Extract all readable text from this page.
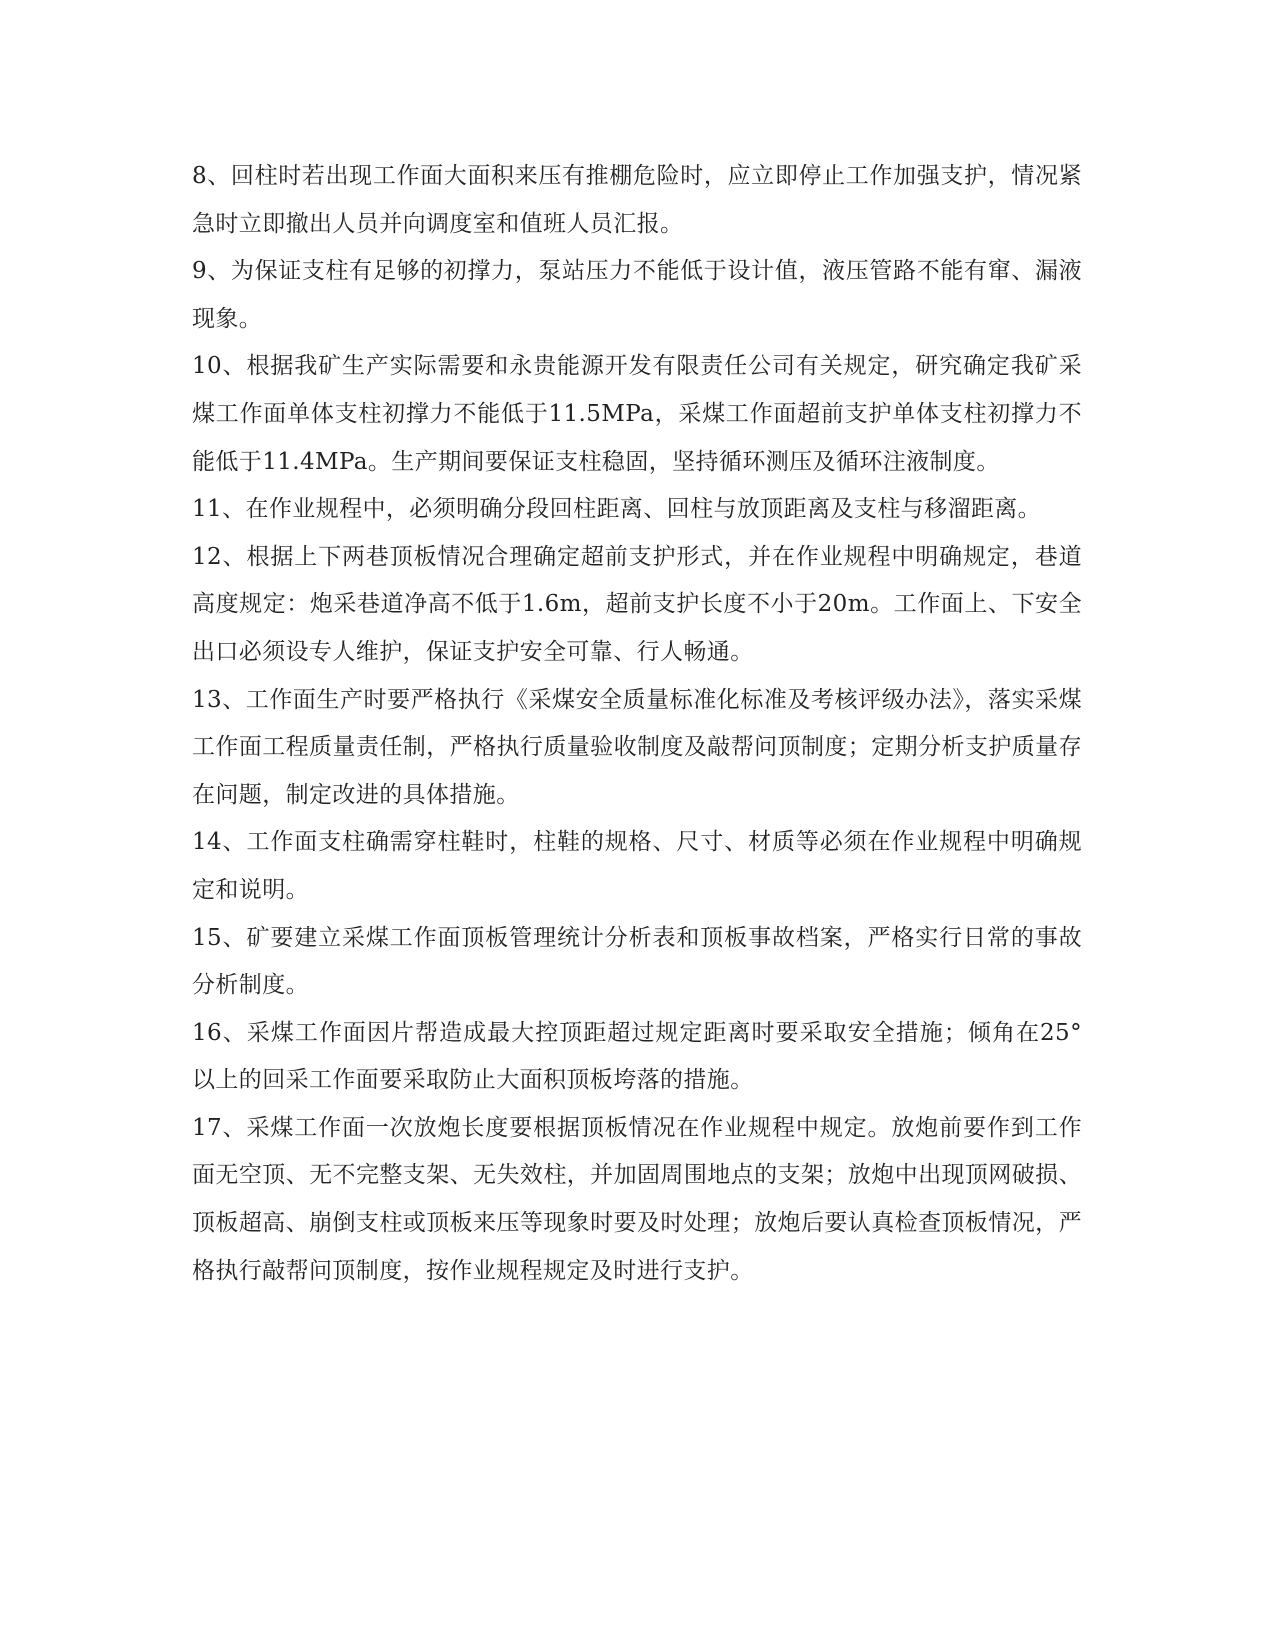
8、回柱时若出现工作面大面积来压有推棚危险时，应立即停止工作加强支护，情况紧急时立即撤出人员并向调度室和值班人员汇报。

9、为保证支柱有足够的初撑力，泵站压力不能低于设计值，液压管路不能有窜、漏液现象。

10、根据我矿生产实际需要和永贵能源开发有限责任公司有关规定，研究确定我矿采煤工作面单体支柱初撑力不能低于11.5MPa，采煤工作面超前支护单体支柱初撑力不能低于11.4MPa。生产期间要保证支柱稳固，坚持循环测压及循环注液制度。

11、在作业规程中，必须明确分段回柱距离、回柱与放顶距离及支柱与移溜距离。

12、根据上下两巷顶板情况合理确定超前支护形式，并在作业规程中明确规定，巷道高度规定：炮采巷道净高不低于1.6m，超前支护长度不小于20m。工作面上、下安全出口必须设专人维护，保证支护安全可靠、行人畅通。

13、工作面生产时要严格执行《采煤安全质量标准化标准及考核评级办法》，落实采煤工作面工程质量责任制，严格执行质量验收制度及敲帮问顶制度；定期分析支护质量存在问题，制定改进的具体措施。

14、工作面支柱确需穿柱鞋时，柱鞋的规格、尺寸、材质等必须在作业规程中明确规定和说明。

15、矿要建立采煤工作面顶板管理统计分析表和顶板事故档案，严格实行日常的事故分析制度。

16、采煤工作面因片帮造成最大控顶距超过规定距离时要采取安全措施；倾角在25°以上的回采工作面要采取防止大面积顶板垮落的措施。

17、采煤工作面一次放炮长度要根据顶板情况在作业规程中规定。放炮前要作到工作面无空顶、无不完整支架、无失效柱，并加固周围地点的支架；放炮中出现顶网破损、顶板超高、崩倒支柱或顶板来压等现象时要及时处理；放炮后要认真检查顶板情况，严格执行敲帮问顶制度，按作业规程规定及时进行支护。
